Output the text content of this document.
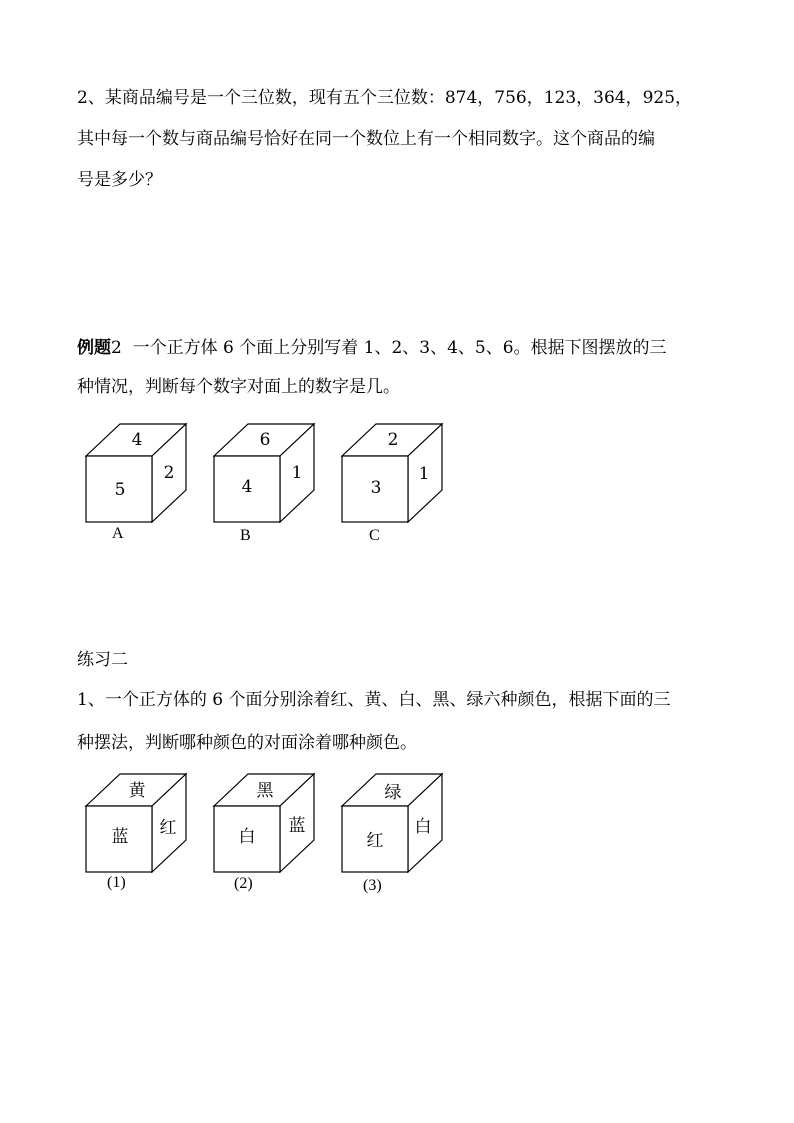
2、某商品编号是一个三位数，现有五个三位数：874，756，123，364，925，
其中每一个数与商品编号恰好在同一个数位上有一个相同数字。这个商品的编
号是多少？
例题2 一个正方体 6 个面上分别写着 1、2、3、4、5、6。根据下图摆放的三
种情况，判断每个数字对面上的数字是几。
4
5
2
A
6
4
1
B
2
3
1
C
练习二
1、一个正方体的 6 个面分别涂着红、黄、白、黑、绿六种颜色，根据下面的三
种摆法，判断哪种颜色的对面涂着哪种颜色。
黄
蓝 红
(1)
黑
白
蓝
(2)
绿
红
白
(3)
